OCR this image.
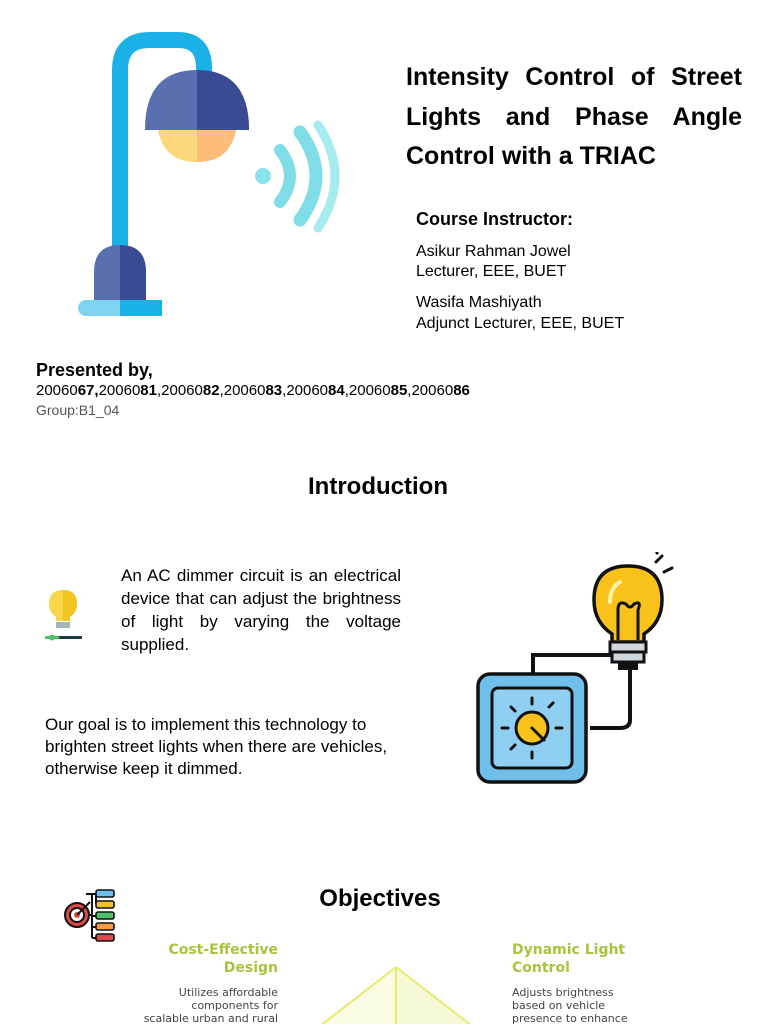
Intensity Control of Street
Lights and Phase Angle
Control with a TRIAC
Course Instructor:
Asikur Rahman Jowel
Lecturer, EEE, BUET
Wasifa Mashiyath
Adjunct Lecturer, EEE, BUET
Presented by,
2006067,2006081,2006082,2006083,2006084,2006085,2006086
Group:B1_04
Introduction
An AC dimmer circuit is an electrical device that can adjust the brightness of light by varying the voltage supplied.
Our goal is to implement this technology to brighten street lights when there are vehicles, otherwise keep it dimmed.
Objectives
Cost-Effective
Design
Utilizes affordable
components for
scalable urban and rural
Dynamic Light
Control
Adjusts brightness
based on vehicle
presence to enhance
